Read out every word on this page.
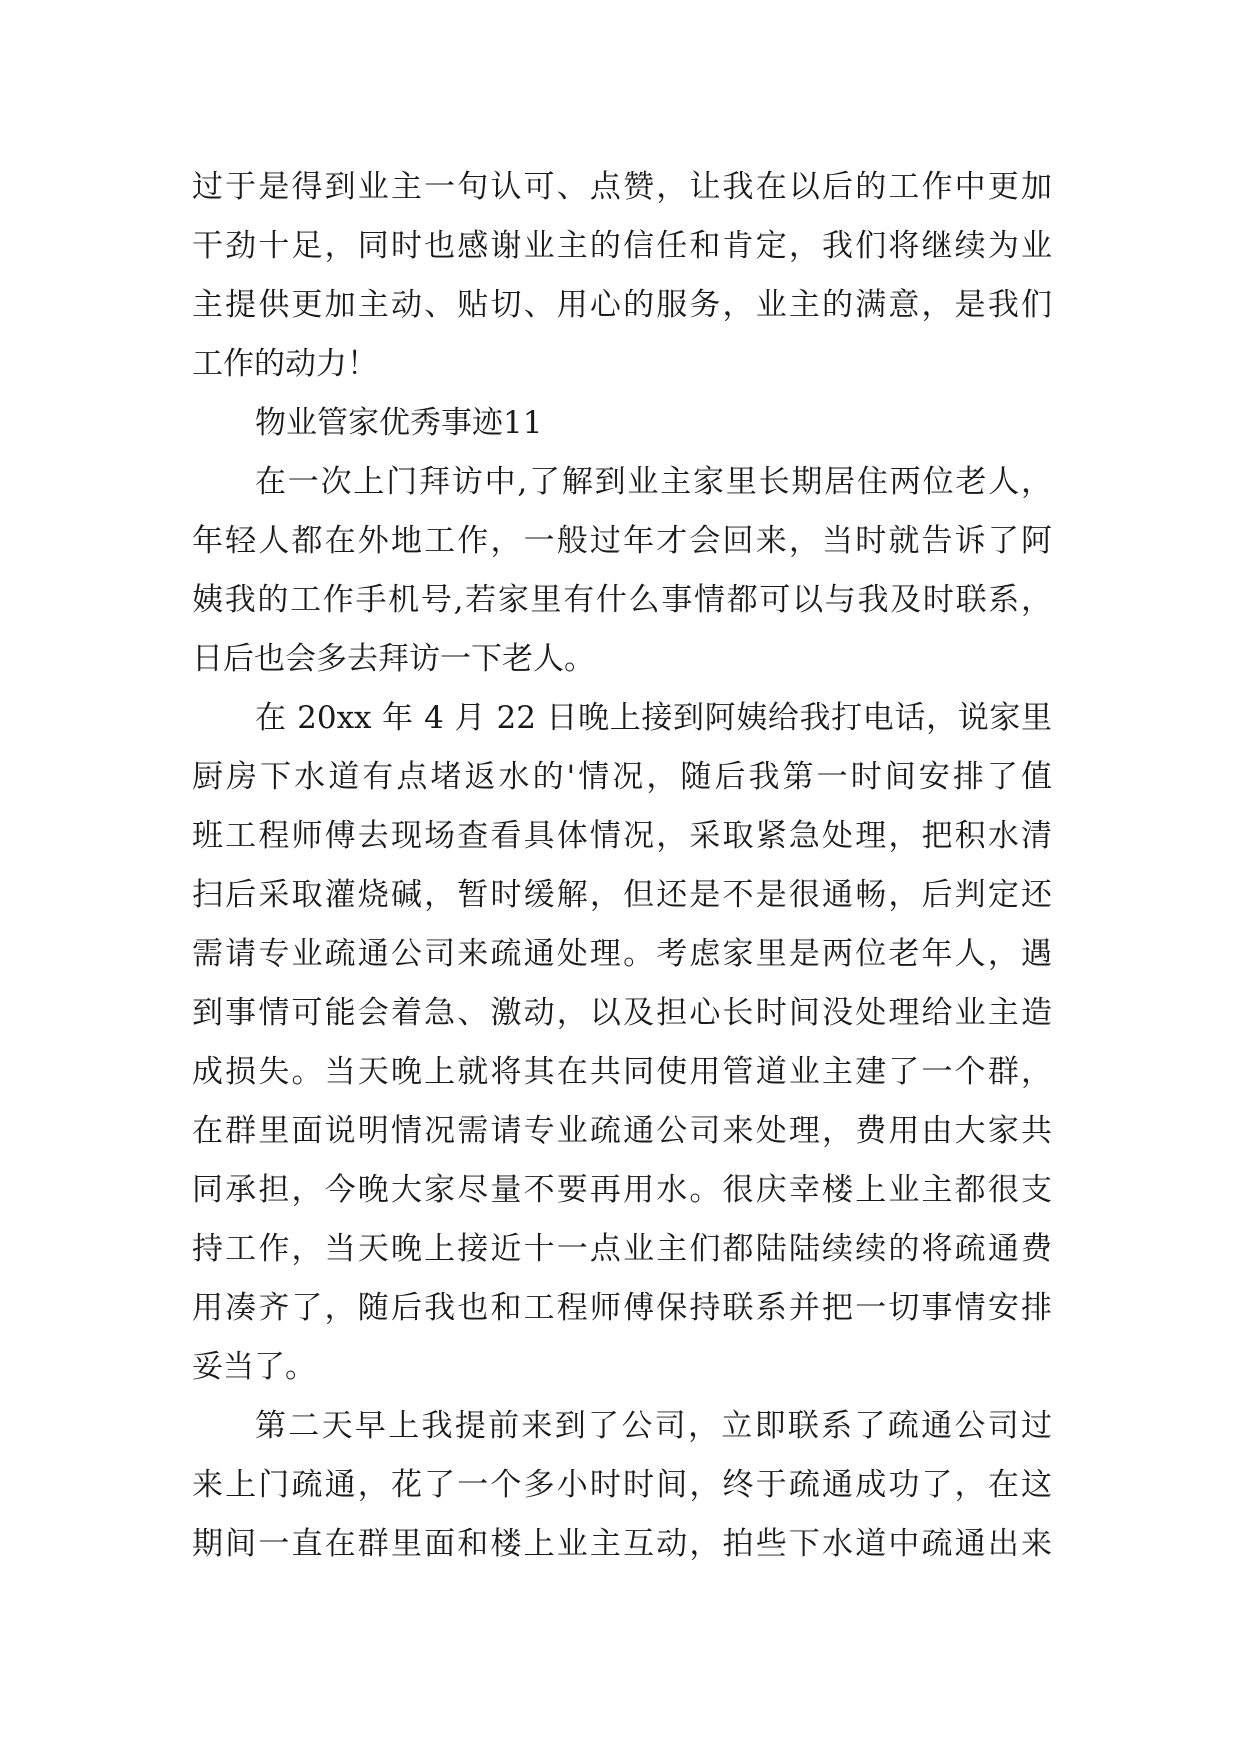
过于是得到业主一句认可、点赞，让我在以后的工作中更加
干劲十足，同时也感谢业主的信任和肯定，我们将继续为业
主提供更加主动、贴切、用心的服务，业主的满意，是我们
工作的动力！
物业管家优秀事迹11
在一次上门拜访中,了解到业主家里长期居住两位老人，
年轻人都在外地工作，一般过年才会回来，当时就告诉了阿
姨我的工作手机号,若家里有什么事情都可以与我及时联系，
日后也会多去拜访一下老人。
在 20xx 年 4 月 22 日晚上接到阿姨给我打电话，说家里
厨房下水道有点堵返水的'情况，随后我第一时间安排了值
班工程师傅去现场查看具体情况，采取紧急处理，把积水清
扫后采取灌烧碱，暂时缓解，但还是不是很通畅，后判定还
需请专业疏通公司来疏通处理。考虑家里是两位老年人，遇
到事情可能会着急、激动，以及担心长时间没处理给业主造
成损失。当天晚上就将其在共同使用管道业主建了一个群，
在群里面说明情况需请专业疏通公司来处理，费用由大家共
同承担，今晚大家尽量不要再用水。很庆幸楼上业主都很支
持工作，当天晚上接近十一点业主们都陆陆续续的将疏通费
用凑齐了，随后我也和工程师傅保持联系并把一切事情安排
妥当了。
第二天早上我提前来到了公司，立即联系了疏通公司过
来上门疏通，花了一个多小时时间，终于疏通成功了，在这
期间一直在群里面和楼上业主互动，拍些下水道中疏通出来
